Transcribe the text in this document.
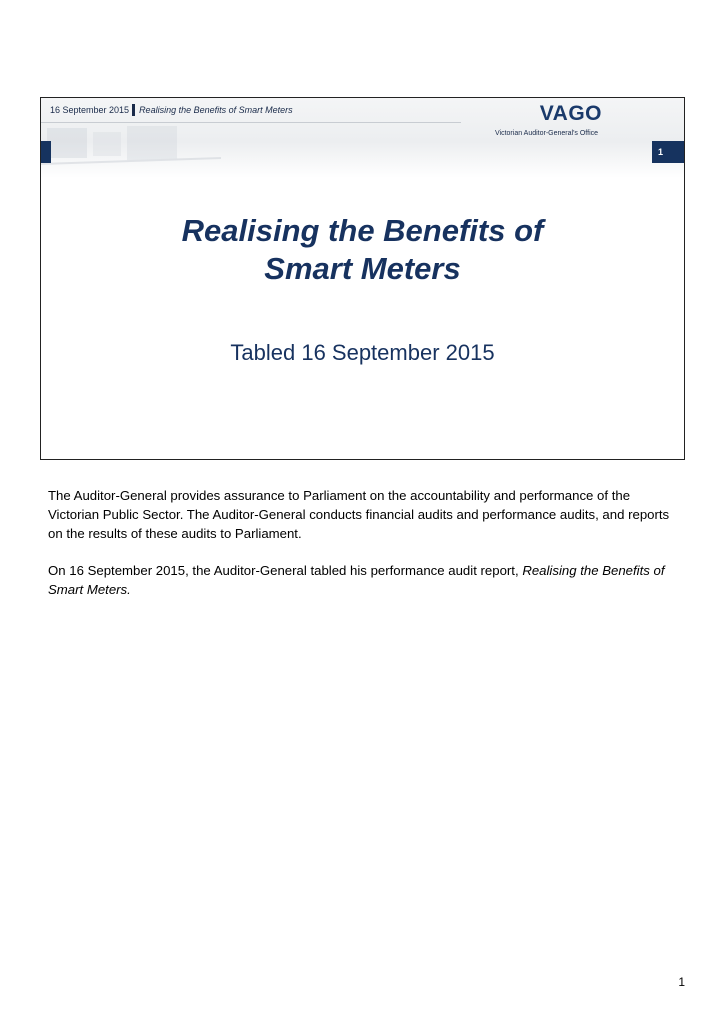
16 September 2015 Realising the Benefits of Smart Meters	VAGO
Victorian Auditor-General's Office
1
Realising the Benefits of
Smart Meters
Tabled 16 September 2015

The Auditor-General provides assurance to Parliament on the accountability and performance of the Victorian Public Sector. The Auditor-General conducts financial audits and performance audits, and reports on the results of these audits to Parliament.

On 16 September 2015, the Auditor-General tabled his performance audit report, Realising the Benefits of Smart Meters.

1
